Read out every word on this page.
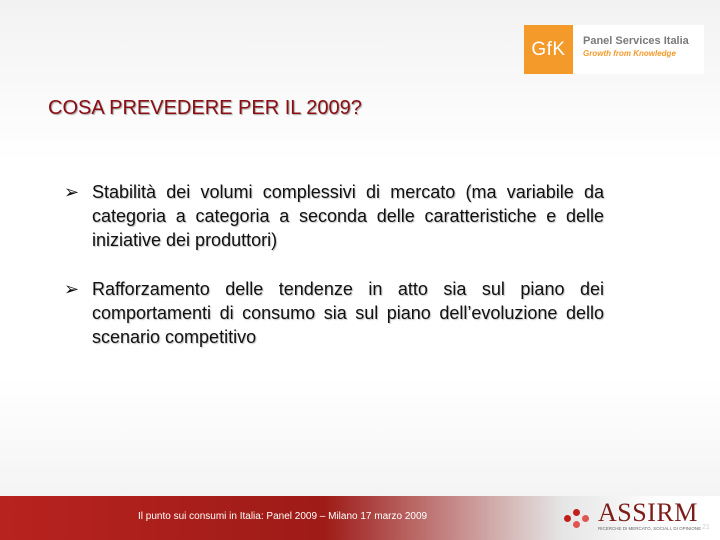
GfK	Panel Services Italia
Growth from Knowledge
COSA PREVEDERE PER IL 2009?
➢ Stabilità dei volumi complessivi di mercato (ma variabile da categoria a categoria a seconda delle caratteristiche e delle iniziative dei produttori)
➢ Rafforzamento delle tendenze in atto sia sul piano dei comportamenti di consumo sia sul piano dell’evoluzione dello scenario competitivo
Il punto sui consumi in Italia: Panel 2009 – Milano 17 marzo 2009	ASSIRM
RICERCHE DI MERCATO, SOCIALI, DI OPINIONE 21
